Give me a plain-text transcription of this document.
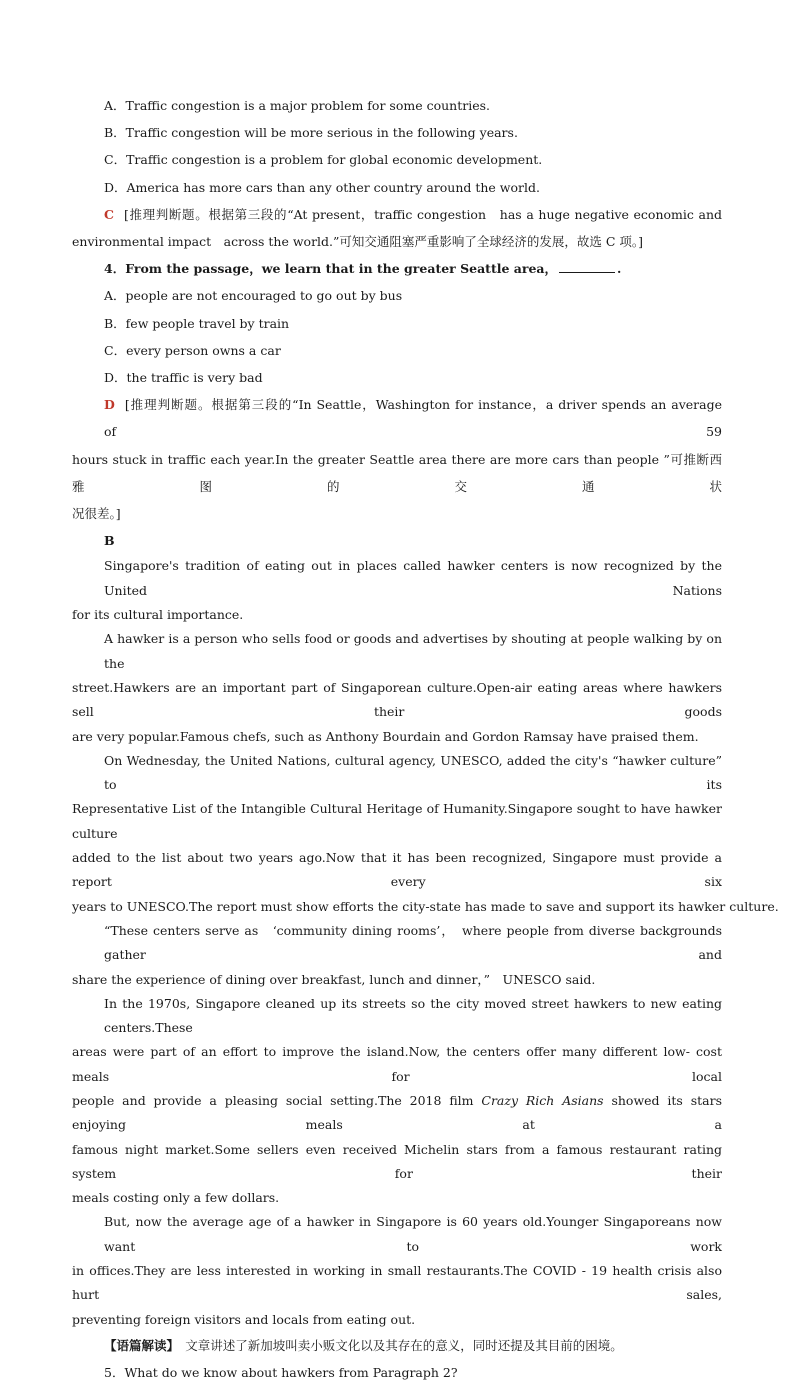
A．Traffic congestion is a major problem for some countries.

B．Traffic congestion will be more serious in the following years.

C．Traffic congestion is a problem for global economic development.

D．America has more cars than any other country around the world.

C [推理判断题。根据第三段的“At present，traffic congestion　has a huge negative economic and

environmental impact　across the world.”可知交通阻塞严重影响了全球经济的发展，故选 C 项。]

4．From the passage，we learn that in the greater Seattle area，	.

A．people are not encouraged to go out by bus

B．few people travel by train

C．every person owns a car

D．the traffic is very bad

D [推理判断题。根据第三段的“In Seattle，Washington for instance，a driver spends an average　of 59

hours stuck in traffic each year.In the greater Seattle area there are more cars than people ”可推断西雅图的交通状

况很差。]

B

Singapore's tradition of eating out in places called hawker centers is now recognized by the United Nations

for its cultural importance.

A hawker is a person who sells food or goods and advertises by shouting at people walking by on the

street.Hawkers are an important part of Singaporean culture.Open-air eating areas where hawkers sell their goods

are very popular.Famous chefs, such as Anthony Bourdain and Gordon Ramsay have praised them.

On Wednesday, the United Nations, cultural agency, UNESCO, added the city's “hawker culture” to its

Representative List of the Intangible Cultural Heritage of Humanity.Singapore sought to have hawker culture

added to the list about two years ago.Now that it has been recognized, Singapore must provide a report every six

years to UNESCO.The report must show efforts the city-state has made to save and support its hawker culture.

“These centers serve as　‘community dining rooms’，　where people from diverse backgrounds gather and

share the experience of dining over breakfast, lunch and dinner，”　UNESCO said.

In the 1970s, Singapore cleaned up its streets so the city moved street hawkers to new eating centers.These

areas were part of an effort to improve the island.Now, the centers offer many different low- cost meals for local

people and provide a pleasing social setting.The 2018 film Crazy Rich Asians showed its stars enjoying meals at a

famous night market.Some sellers even received Michelin stars from a famous restaurant rating system for their

meals costing only a few dollars.

But, now the average age of a hawker in Singapore is 60 years old.Younger Singaporeans now want to work

in offices.They are less interested in working in small restaurants.The COVID - 19 health crisis also hurt sales,

preventing foreign visitors and locals from eating out.

【语篇解读】　 文章讲述了新加坡叫卖小贩文化以及其存在的意义，同时还提及其目前的困境。

5．What do we know about hawkers from Paragraph 2?
